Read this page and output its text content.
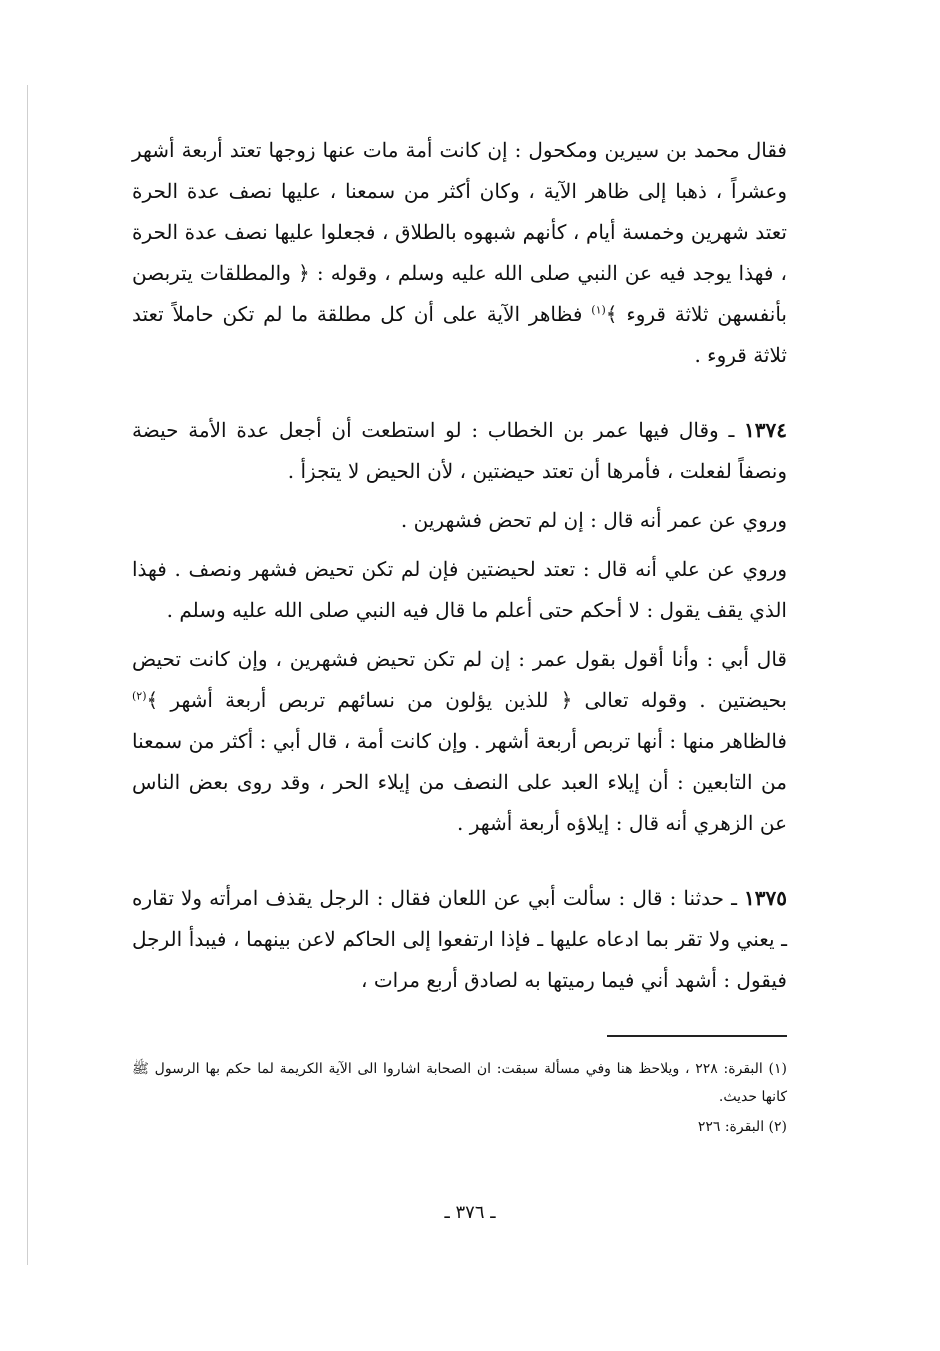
فقال محمد بن سيرين ومكحول : إن كانت أمة مات عنها زوجها تعتد أربعة أشهر وعشراً ، ذهبا إلى ظاهر الآية ، وكان أكثر من سمعنا ، عليها نصف عدة الحرة تعتد شهرين وخمسة أيام ، كأنهم شبهوه بالطلاق ، فجعلوا عليها نصف عدة الحرة ، فهذا يوجد فيه عن النبي صلى الله عليه وسلم ، وقوله : ﴿ والمطلقات يتربصن بأنفسهن ثلاثة قروء ﴾$^{(١)}$ فظاهر الآية على أن كل مطلقة ما لم تكن حاملاً تعتد ثلاثة قروء .

١٣٧٤ ـ وقال فيها عمر بن الخطاب : لو استطعت أن أجعل عدة الأمة حيضة ونصفاً لفعلت ، فأمرها أن تعتد حيضتين ، لأن الحيض لا يتجزأ .

وروي عن عمر أنه قال : إن لم تحض فشهرين .

وروي عن علي أنه قال : تعتد لحيضتين فإن لم تكن تحيض فشهر ونصف . فهذا الذي يقف يقول : لا أحكم حتى أعلم ما قال فيه النبي صلى الله عليه وسلم .

قال أبي : وأنا أقول بقول عمر : إن لم تكن تحيض فشهرين ، وإن كانت تحيض بحيضتين . وقوله تعالى ﴿ للذين يؤلون من نسائهم تربص أربعة أشهر ﴾$^{(٢)}$ فالظاهر منها : أنها تربص أربعة أشهر . وإن كانت أمة ، قال أبي : أكثر من سمعنا من التابعين : أن إيلاء العبد على النصف من إيلاء الحر ، وقد روى بعض الناس عن الزهري أنه قال : إيلاؤه أربعة أشهر .

١٣٧٥ ـ حدثنا : قال : سألت أبي عن اللعان فقال : الرجل يقذف امرأته ولا تقاره ـ يعني ولا تقر بما ادعاه عليها ـ فإذا ارتفعوا إلى الحاكم لاعن بينهما ، فيبدأ الرجل فيقول : أشهد أني فيما رميتها به لصادق أربع مرات ،

(١) البقرة: ٢٢٨ ، ويلاحظ هنا وفي مسألة سبقت: ان الصحابة اشاروا الى الآية الكريمة لما حكم بها الرسول ﷺ كانها حديث.

(٢) البقرة: ٢٢٦

ـ ٣٧٦ ـ
